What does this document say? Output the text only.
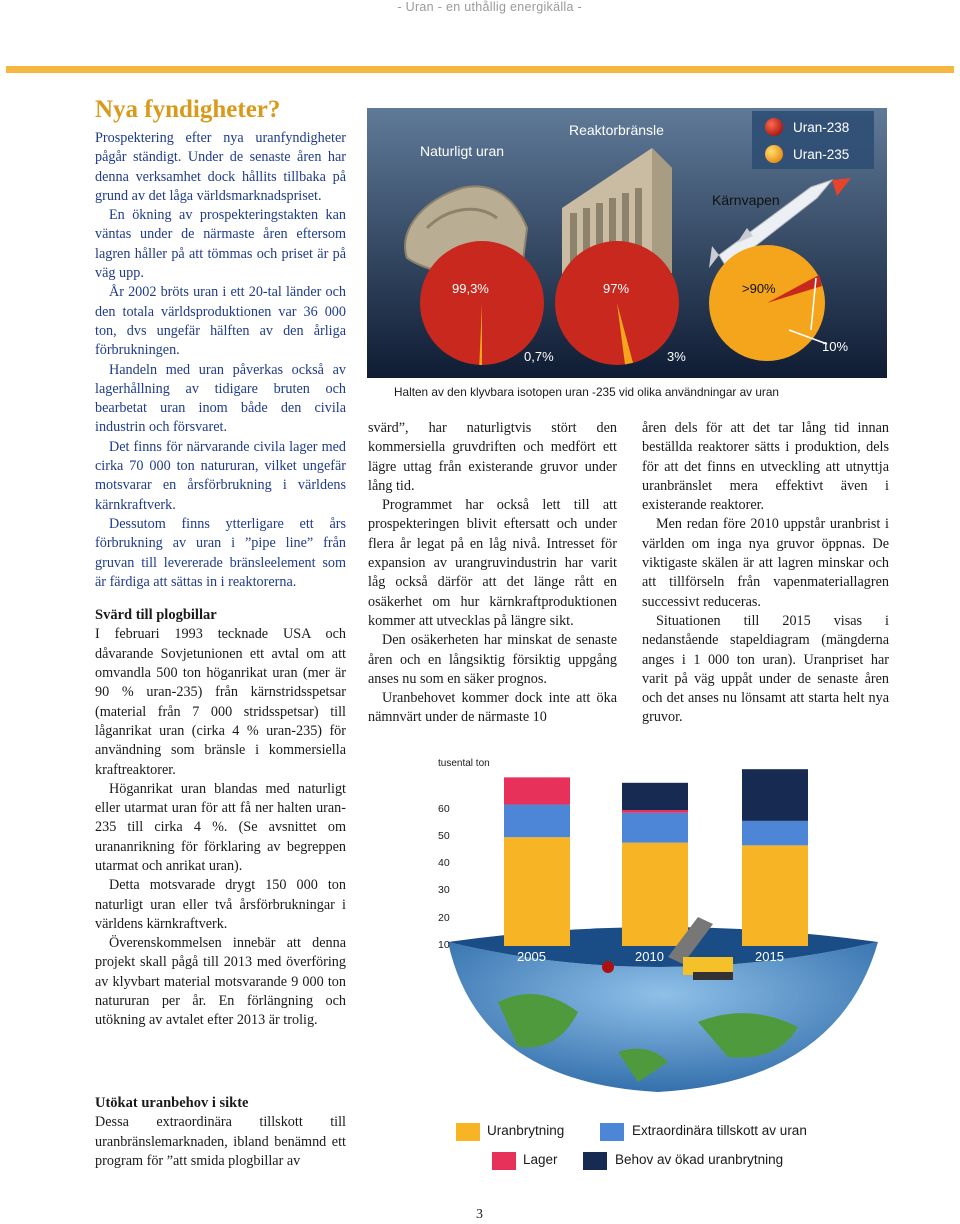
- Uran - en uthållig energikälla -
Nya fyndigheter?

Prospektering efter nya uranfyndigheter pågår ständigt. Under de senaste åren har denna verksamhet dock hållits tillbaka på grund av det låga världsmarknadspriset.

En ökning av prospekteringstakten kan väntas under de närmaste åren eftersom lagren håller på att tömmas och priset är på väg upp.

År 2002 bröts uran i ett 20-tal länder och den totala världsproduktionen var 36 000 ton, dvs ungefär hälften av den årliga förbrukningen.

Handeln med uran påverkas också av lagerhållning av tidigare bruten och bearbetat uran inom både den civila industrin och försvaret.

Det finns för närvarande civila lager med cirka 70 000 ton natururan, vilket ungefär motsvarar en årsförbrukning i världens kärnkraftverk.

Dessutom finns ytterligare ett års förbrukning av uran i ”pipe line” från gruvan till levererade bränsleelement som är färdiga att sättas in i reaktorerna.

Svärd till plogbillar

I februari 1993 tecknade USA och dåvarande Sovjetunionen ett avtal om att omvandla 500 ton höganrikat uran (mer är 90 % uran-235) från kärnstridsspetsar (material från 7 000 stridsspetsar) till låganrikat uran (cirka 4 % uran-235) för användning som bränsle i kommersiella kraftreaktorer.

Höganrikat uran blandas med naturligt eller utarmat uran för att få ner halten uran-235 till cirka 4 %. (Se avsnittet om urananrikning för förklaring av begreppen utarmat och anrikat uran).

Detta motsvarade drygt 150 000 ton naturligt uran eller två årsförbrukningar i världens kärnkraftverk.

Överenskommelsen innebär att denna projekt skall pågå till 2013 med överföring av klyvbart material motsvarande 9 000 ton natururan per år. En förlängning och utökning av avtalet efter 2013 är trolig.

Utökat uranbehov i sikte

Dessa extraordinära tillskott till uranbränslemarknaden, ibland benämnd ett program för ”att smida plogbillar av

Naturligt uran
Reaktorbränsle
Kärnvapen
Uran-238
Uran-235
99,3%	97%	>90%
0,7%	3%
10%
Halten av den klyvbara isotopen uran -235 vid olika användningar av uran

svärd”, har naturligtvis stört den kommersiella gruvdriften och medfört ett lägre uttag från existerande gruvor under lång tid.

Programmet har också lett till att prospekteringen blivit eftersatt och under flera år legat på en låg nivå. Intresset för expansion av urangruvindustrin har varit låg också därför att det länge rått en osäkerhet om hur kärnkraftproduktionen kommer att utvecklas på längre sikt.

Den osäkerheten har minskat de senaste åren och en långsiktig försiktig uppgång anses nu som en säker prognos.

Uranbehovet kommer dock inte att öka nämnvärt under de närmaste 10

åren dels för att det tar lång tid innan beställda reaktorer sätts i produktion, dels för att det finns en utveckling att utnyttja uranbränslet mera effektivt även i existerande reaktorer.

Men redan före 2010 uppstår uranbrist i världen om inga nya gruvor öppnas. De viktigaste skälen är att lagren minskar och att tillförseln från vapenmateriallagren successivt reduceras.

Situationen till 2015 visas i nedanstående stapeldiagram (mängderna anges i 1 000 ton uran). Uranpriset har varit på väg uppåt under de senaste åren och det anses nu lönsamt att starta helt nya gruvor.

tusental ton
10
20
30
40
50
60
2005	2010	2015
Uranbrytning	Extraordinära tillskott av uran
Lager	Behov av ökad uranbrytning
3
